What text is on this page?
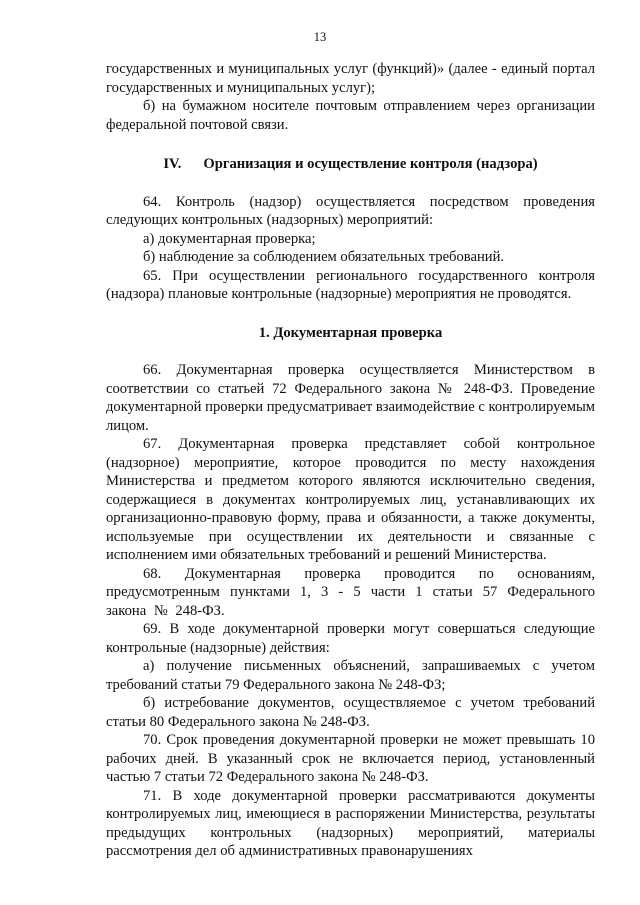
13

государственных и муниципальных услуг (функций)» (далее - единый портал государственных и муниципальных услуг);

б) на бумажном носителе почтовым отправлением через организации федеральной почтовой связи.

IV. Организация и осуществление контроля (надзора)

64. Контроль (надзор) осуществляется посредством проведения следующих контрольных (надзорных) мероприятий:

а) документарная проверка;

б) наблюдение за соблюдением обязательных требований.

65. При осуществлении регионального государственного контроля (надзора) плановые контрольные (надзорные) мероприятия не проводятся.

1. Документарная проверка

66. Документарная проверка осуществляется Министерством в соответствии со статьей 72 Федерального закона № 248-ФЗ. Проведение документарной проверки предусматривает взаимодействие с контролируемым лицом.

67. Документарная проверка представляет собой контрольное (надзорное) мероприятие, которое проводится по месту нахождения Министерства и предметом которого являются исключительно сведения, содержащиеся в документах контролируемых лиц, устанавливающих их организационно-правовую форму, права и обязанности, а также документы, используемые при осуществлении их деятельности и связанные с исполнением ими обязательных требований и решений Министерства.

68. Документарная проверка проводится по основаниям, предусмотренным пунктами 1, 3 - 5 части 1 статьи 57 Федерального закона № 248-ФЗ.

69. В ходе документарной проверки могут совершаться следующие контрольные (надзорные) действия:

а) получение письменных объяснений, запрашиваемых с учетом требований статьи 79 Федерального закона № 248-ФЗ;

б) истребование документов, осуществляемое с учетом требований статьи 80 Федерального закона № 248-ФЗ.

70. Срок проведения документарной проверки не может превышать 10 рабочих дней. В указанный срок не включается период, установленный частью 7 статьи 72 Федерального закона № 248-ФЗ.

71. В ходе документарной проверки рассматриваются документы контролируемых лиц, имеющиеся в распоряжении Министерства, результаты предыдущих контрольных (надзорных) мероприятий, материалы рассмотрения дел об административных правонарушениях
